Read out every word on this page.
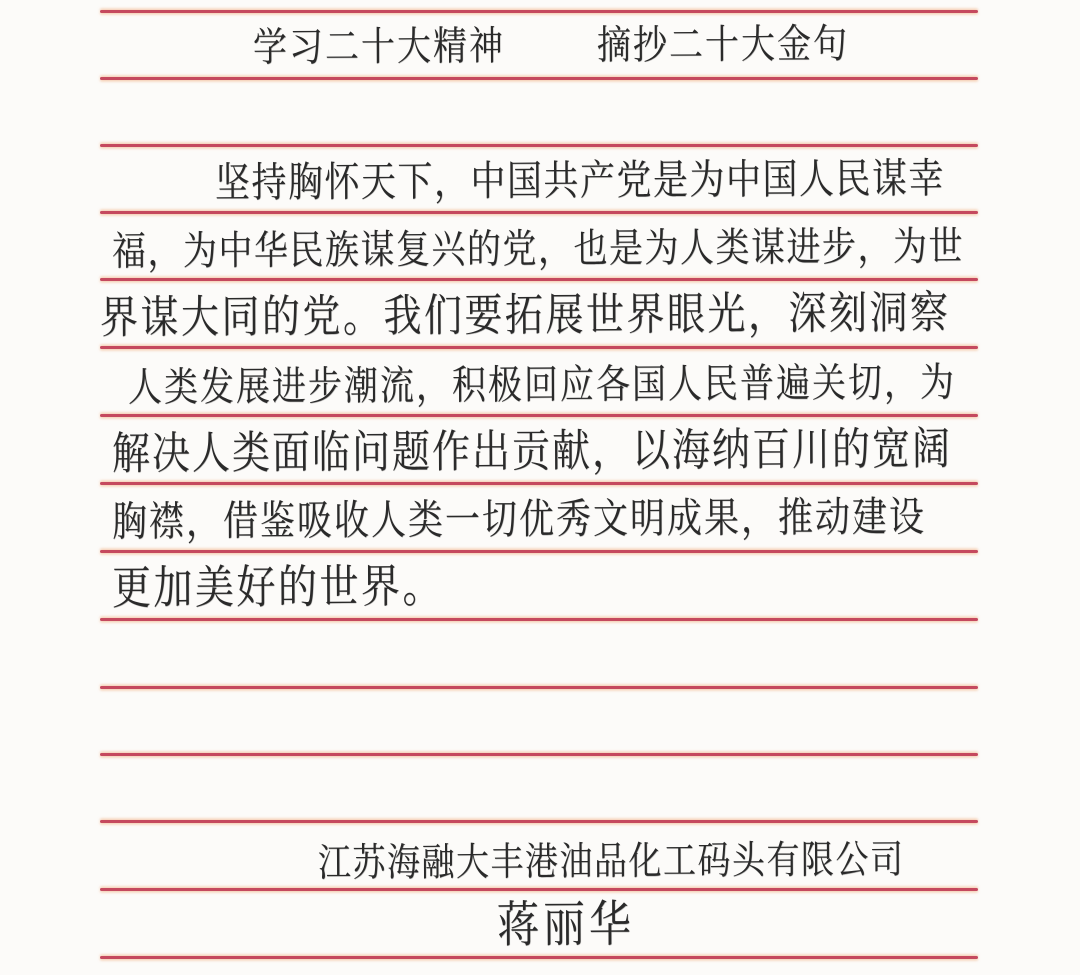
学习二十大精神	摘抄二十大金句
坚持胸怀天下，中国共产党是为中国人民谋幸
福，为中华民族谋复兴的党，也是为人类谋进步，为世
界谋大同的党。我们要拓展世界眼光，深刻洞察
人类发展进步潮流，积极回应各国人民普遍关切，为
解决人类面临问题作出贡献，以海纳百川的宽阔
胸襟，借鉴吸收人类一切优秀文明成果，推动建设
更加美好的世界。
江苏海融大丰港油品化工码头有限公司
蒋丽华
